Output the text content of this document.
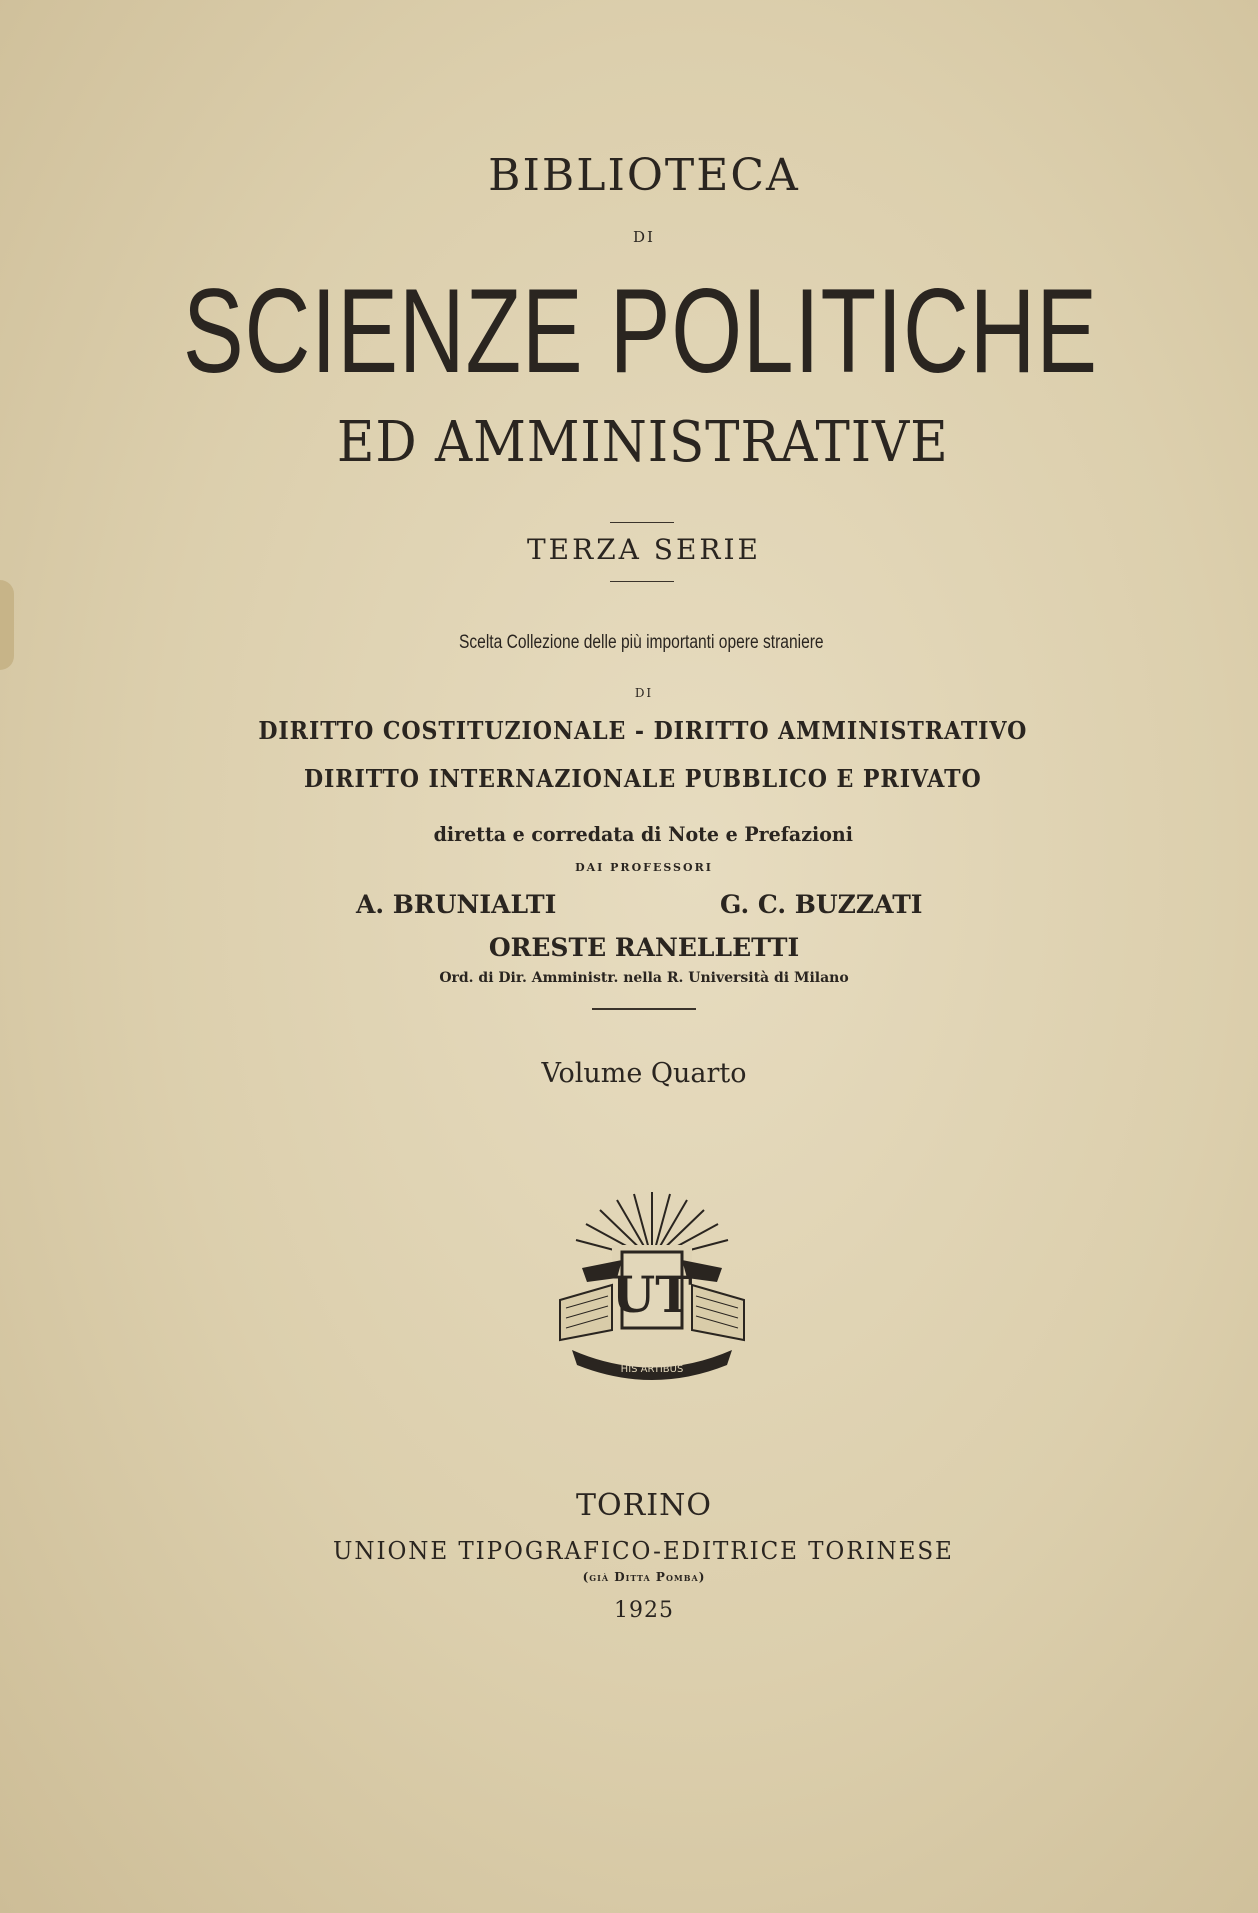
BIBLIOTECA
DI
SCIENZE POLITICHE
ED AMMINISTRATIVE
TERZA SERIE
Scelta Collezione delle più importanti opere straniere
DI
DIRITTO COSTITUZIONALE - DIRITTO AMMINISTRATIVO
DIRITTO INTERNAZIONALE PUBBLICO E PRIVATO
diretta e corredata di Note e Prefazioni
DAI PROFESSORI
A. BRUNIALTI	G. C. BUZZATI
ORESTE RANELLETTI
Ord. di Dir. Amministr. nella R. Università di Milano
Volume Quarto
UT
HIS ARTIBUS
TORINO
UNIONE TIPOGRAFICO-EDITRICE TORINESE
(già Ditta Pomba)
1925
